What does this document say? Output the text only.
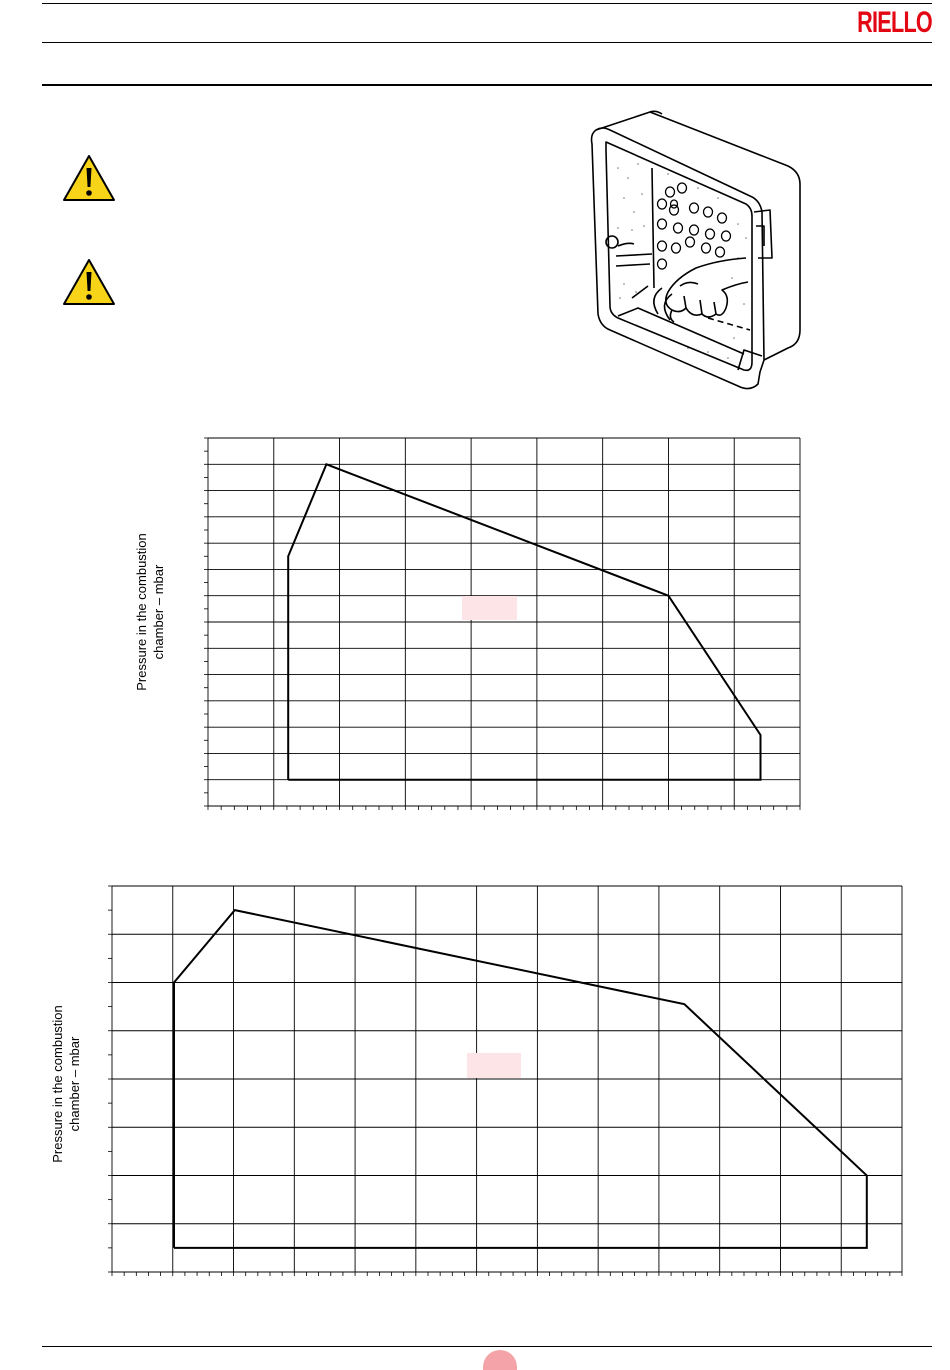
RIELLO
Pressure in the combustion chamber – mbar
Pressure in the combustion chamber – mbar
